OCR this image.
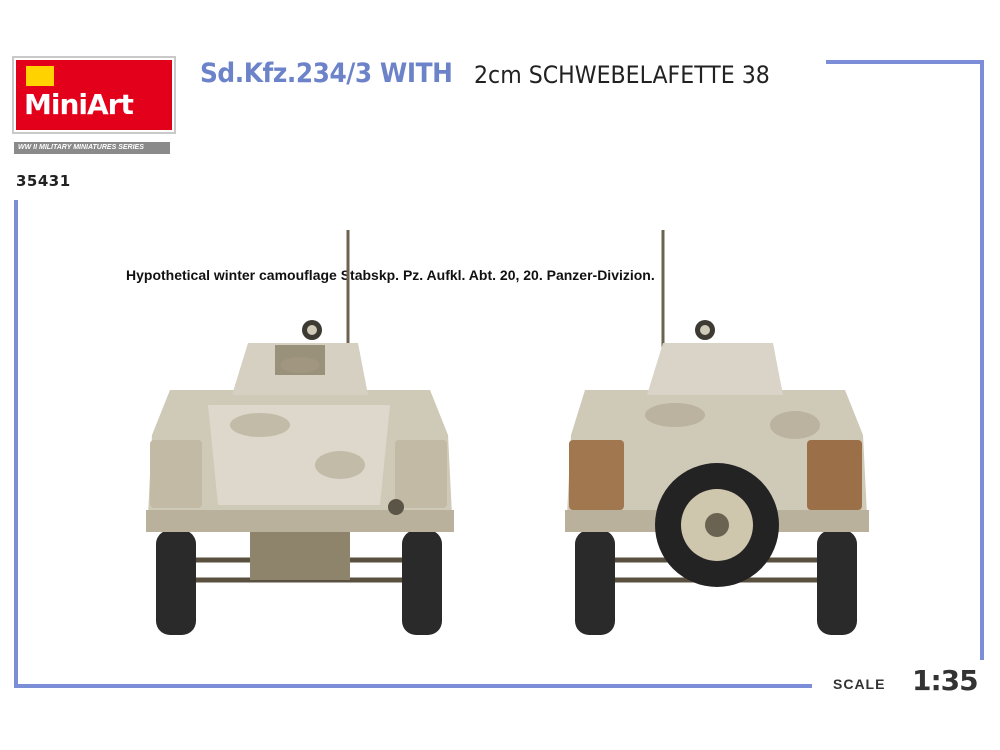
MiniArt
WW II MILITARY MINIATURES SERIES
35431
Sd.Kfz.234/3 WITH 2cm SCHWEBELAFETTE 38
Hypothetical winter camouflage Stabskp. Pz. Aufkl. Abt. 20, 20. Panzer-Divizion.
SCALE 1:35
